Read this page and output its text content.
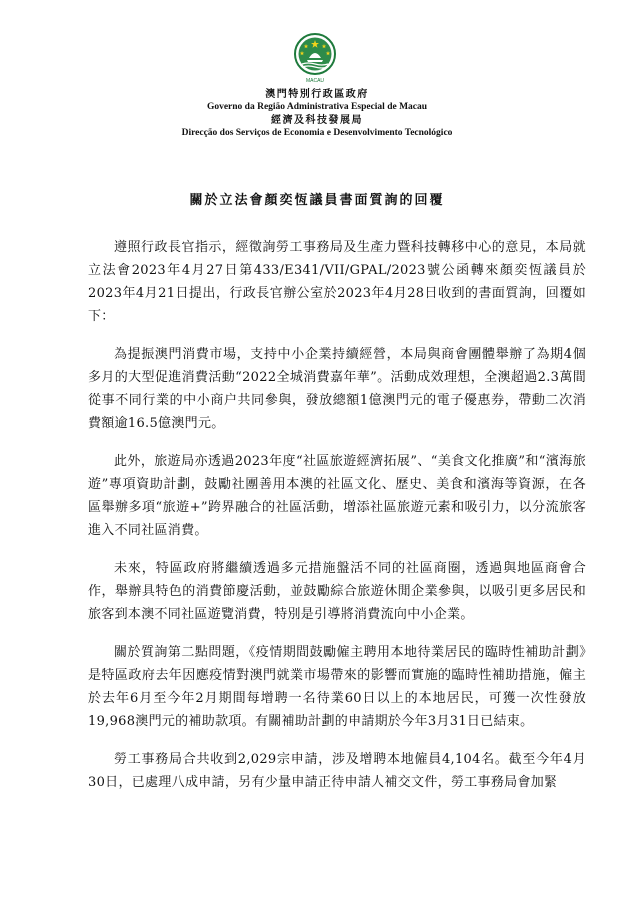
MACAU
澳門特別行政區政府
Governo da Região Administrativa Especial de Macau
經濟及科技發展局
Direcção dos Serviços de Economia e Desenvolvimento Tecnológico
關於立法會顏奕恆議員書面質詢的回覆

遵照行政長官指示，經徵詢勞工事務局及生產力暨科技轉移中心的意見，本局就立法會2023年4月27日第433/E341/VII/GPAL/2023號公函轉來顏奕恆議員於2023年4月21日提出，行政長官辦公室於2023年4月28日收到的書面質詢，回覆如下：

為提振澳門消費市場，支持中小企業持續經營，本局與商會團體舉辦了為期4個多月的大型促進消費活動“2022全城消費嘉年華”。活動成效理想，全澳超過2.3萬間從事不同行業的中小商户共同參與，發放總額1億澳門元的電子優惠券，帶動二次消費額逾16.5億澳門元。

此外，旅遊局亦透過2023年度“社區旅遊經濟拓展”、“美食文化推廣”和“濱海旅遊”專項資助計劃，鼓勵社團善用本澳的社區文化、歷史、美食和濱海等資源，在各區舉辦多項“旅遊+”跨界融合的社區活動，增添社區旅遊元素和吸引力，以分流旅客進入不同社區消費。

未來，特區政府將繼續透過多元措施盤活不同的社區商圈，透過與地區商會合作，舉辦具特色的消費節慶活動，並鼓勵綜合旅遊休閒企業參與，以吸引更多居民和旅客到本澳不同社區遊覽消費，特別是引導將消費流向中小企業。

關於質詢第二點問題，《疫情期間鼓勵僱主聘用本地待業居民的臨時性補助計劃》是特區政府去年因應疫情對澳門就業市場帶來的影響而實施的臨時性補助措施，僱主於去年6月至今年2月期間每增聘一名待業60日以上的本地居民，可獲一次性發放19,968澳門元的補助款項。有關補助計劃的申請期於今年3月31日已結束。

勞工事務局合共收到2,029宗申請，涉及增聘本地僱員4,104名。截至今年4月30日，已處理八成申請，另有少量申請正待申請人補交文件，勞工事務局會加緊
